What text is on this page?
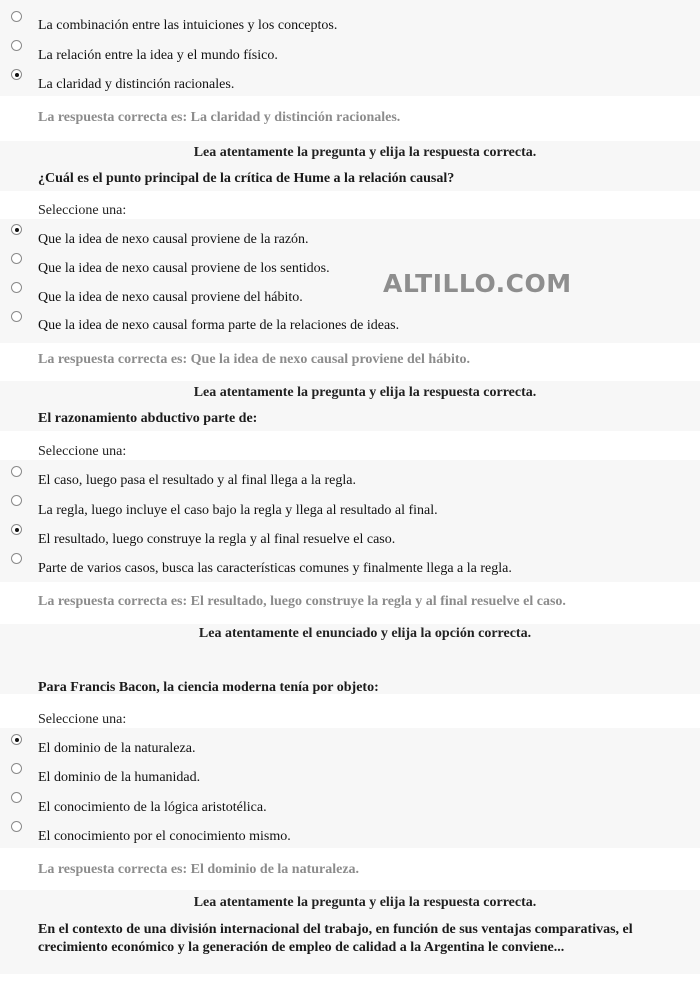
La combinación entre las intuiciones y los conceptos.
La relación entre la idea y el mundo físico.
La claridad y distinción racionales.
La respuesta correcta es: La claridad y distinción racionales.
Lea atentamente la pregunta y elija la respuesta correcta.
¿Cuál es el punto principal de la crítica de Hume a la relación causal?
Seleccione una:
Que la idea de nexo causal proviene de la razón.
Que la idea de nexo causal proviene de los sentidos.
Que la idea de nexo causal proviene del hábito.
Que la idea de nexo causal forma parte de la relaciones de ideas.
La respuesta correcta es: Que la idea de nexo causal proviene del hábito.
ALTILLO.COM
Lea atentamente la pregunta y elija la respuesta correcta.
El razonamiento abductivo parte de:
Seleccione una:
El caso, luego pasa el resultado y al final llega a la regla.
La regla, luego incluye el caso bajo la regla y llega al resultado al final.
El resultado, luego construye la regla y al final resuelve el caso.
Parte de varios casos, busca las características comunes y finalmente llega a la regla.
La respuesta correcta es: El resultado, luego construye la regla y al final resuelve el caso.
Lea atentamente el enunciado y elija la opción correcta.
Para Francis Bacon, la ciencia moderna tenía por objeto:
Seleccione una:
El dominio de la naturaleza.
El dominio de la humanidad.
El conocimiento de la lógica aristotélica.
El conocimiento por el conocimiento mismo.
La respuesta correcta es: El dominio de la naturaleza.
Lea atentamente la pregunta y elija la respuesta correcta.
En el contexto de una división internacional del trabajo, en función de sus ventajas comparativas, el crecimiento económico y la generación de empleo de calidad a la Argentina le conviene...
